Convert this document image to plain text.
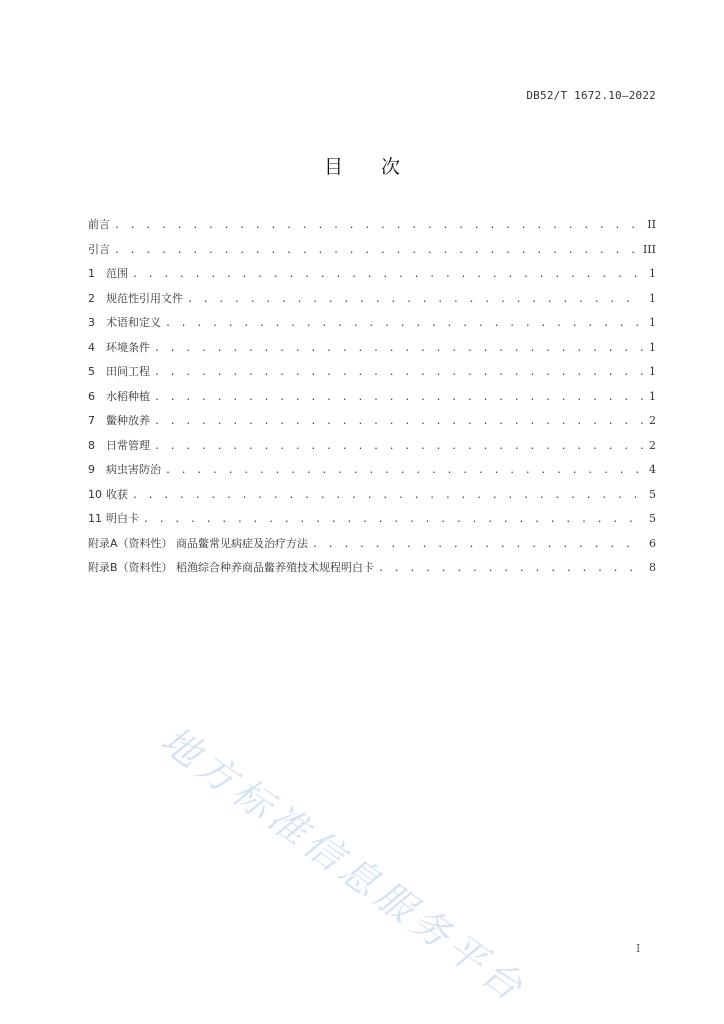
DB52/T 1672.10—2022
目 次
前言 . . .	II
引言 . . .	III
1 范围 . . .	1
2 规范性引用文件 . . .	1
3 术语和定义 . . .	1
4 环境条件 . . .	1
5 田间工程 . . .	1
6 水稻种植 . . .	1
7 鳖种放养 . . .	2
8 日常管理 . . .	2
9 病虫害防治 . . .	4
10 收获 . . .	5
11 明白卡 . . .	5
附录A（资料性） 商品鳖常见病症及治疗方法 . . .	6
附录B（资料性） 稻渔综合种养商品鳖养殖技术规程明白卡 . . .	8
地方标准信息服务平台	I
